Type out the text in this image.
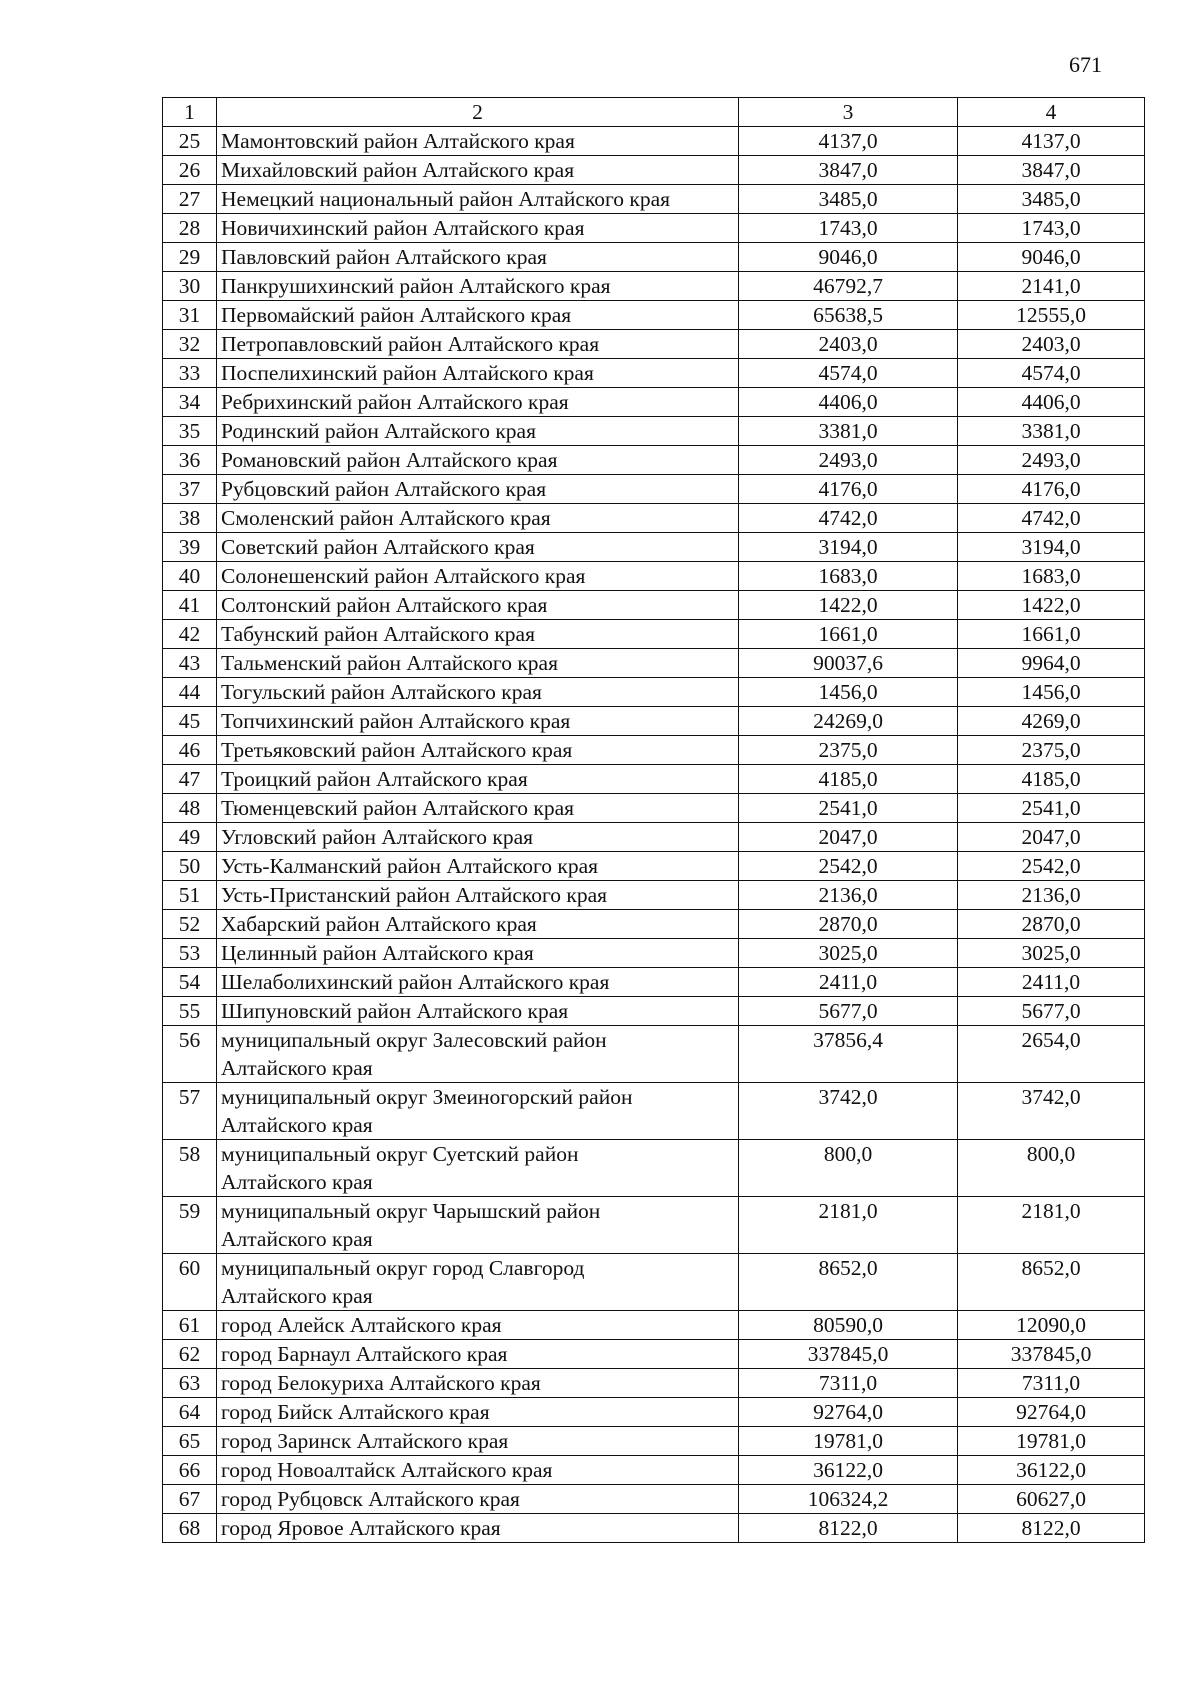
671
1	2	3	4
25	Мамонтовский район Алтайского края	4137,0	4137,0
26	Михайловский район Алтайского края	3847,0	3847,0
27	Немецкий национальный район Алтайского края	3485,0	3485,0
28	Новичихинский район Алтайского края	1743,0	1743,0
29	Павловский район Алтайского края	9046,0	9046,0
30	Панкрушихинский район Алтайского края	46792,7	2141,0
31	Первомайский район Алтайского края	65638,5	12555,0
32	Петропавловский район Алтайского края	2403,0	2403,0
33	Поспелихинский район Алтайского края	4574,0	4574,0
34	Ребрихинский район Алтайского края	4406,0	4406,0
35	Родинский район Алтайского края	3381,0	3381,0
36	Романовский район Алтайского края	2493,0	2493,0
37	Рубцовский район Алтайского края	4176,0	4176,0
38	Смоленский район Алтайского края	4742,0	4742,0
39	Советский район Алтайского края	3194,0	3194,0
40	Солонешенский район Алтайского края	1683,0	1683,0
41	Солтонский район Алтайского края	1422,0	1422,0
42	Табунский район Алтайского края	1661,0	1661,0
43	Тальменский район Алтайского края	90037,6	9964,0
44	Тогульский район Алтайского края	1456,0	1456,0
45	Топчихинский район Алтайского края	24269,0	4269,0
46	Третьяковский район Алтайского края	2375,0	2375,0
47	Троицкий район Алтайского края	4185,0	4185,0
48	Тюменцевский район Алтайского края	2541,0	2541,0
49	Угловский район Алтайского края	2047,0	2047,0
50	Усть-Калманский район Алтайского края	2542,0	2542,0
51	Усть-Пристанский район Алтайского края	2136,0	2136,0
52	Хабарский район Алтайского края	2870,0	2870,0
53	Целинный район Алтайского края	3025,0	3025,0
54	Шелаболихинский район Алтайского края	2411,0	2411,0
55	Шипуновский район Алтайского края	5677,0	5677,0
56	муниципальный округ Залесовский район
Алтайского края	37856,4	2654,0
57	муниципальный округ Змеиногорский район
Алтайского края	3742,0	3742,0
58	муниципальный округ Суетский район
Алтайского края	800,0	800,0
59	муниципальный округ Чарышский район
Алтайского края	2181,0	2181,0
60	муниципальный округ город Славгород
Алтайского края	8652,0	8652,0
61	город Алейск Алтайского края	80590,0	12090,0
62	город Барнаул Алтайского края	337845,0	337845,0
63	город Белокуриха Алтайского края	7311,0	7311,0
64	город Бийск Алтайского края	92764,0	92764,0
65	город Заринск Алтайского края	19781,0	19781,0
66	город Новоалтайск Алтайского края	36122,0	36122,0
67	город Рубцовск Алтайского края	106324,2	60627,0
68	город Яровое Алтайского края	8122,0	8122,0
